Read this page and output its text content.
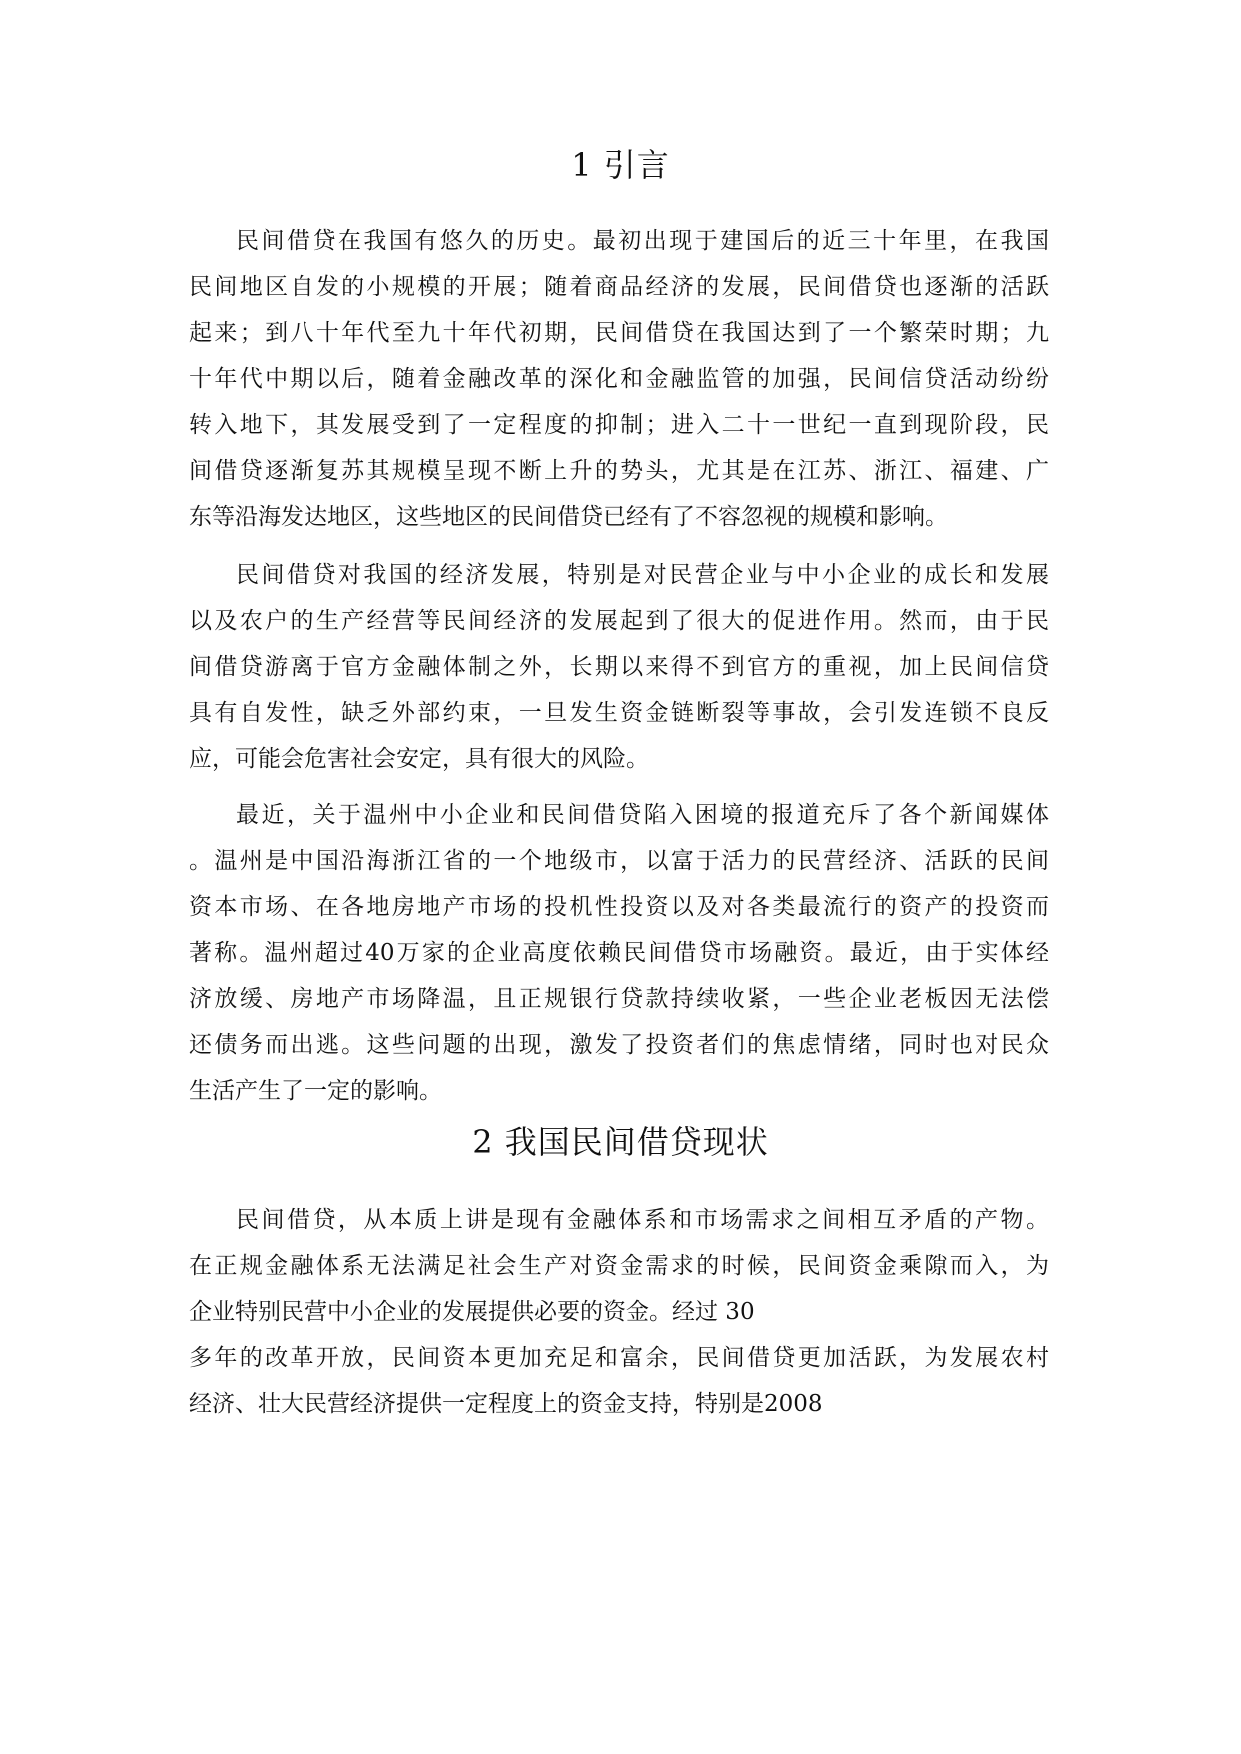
1 引言
民间借贷在我国有悠久的历史。最初出现于建国后的近三十年里，在我国
民间地区自发的小规模的开展；随着商品经济的发展，民间借贷也逐渐的活跃
起来；到八十年代至九十年代初期，民间借贷在我国达到了一个繁荣时期；九
十年代中期以后，随着金融改革的深化和金融监管的加强，民间信贷活动纷纷
转入地下，其发展受到了一定程度的抑制；进入二十一世纪一直到现阶段，民
间借贷逐渐复苏其规模呈现不断上升的势头，尤其是在江苏、浙江、福建、广
东等沿海发达地区，这些地区的民间借贷已经有了不容忽视的规模和影响。
民间借贷对我国的经济发展，特别是对民营企业与中小企业的成长和发展
以及农户的生产经营等民间经济的发展起到了很大的促进作用。然而，由于民
间借贷游离于官方金融体制之外，长期以来得不到官方的重视，加上民间信贷
具有自发性，缺乏外部约束，一旦发生资金链断裂等事故，会引发连锁不良反
应，可能会危害社会安定，具有很大的风险。
最近，关于温州中小企业和民间借贷陷入困境的报道充斥了各个新闻媒体
。温州是中国沿海浙江省的一个地级市，以富于活力的民营经济、活跃的民间
资本市场、在各地房地产市场的投机性投资以及对各类最流行的资产的投资而
著称。温州超过40万家的企业高度依赖民间借贷市场融资。最近，由于实体经
济放缓、房地产市场降温，且正规银行贷款持续收紧，一些企业老板因无法偿
还债务而出逃。这些问题的出现，激发了投资者们的焦虑情绪，同时也对民众
生活产生了一定的影响。
2 我国民间借贷现状
民间借贷，从本质上讲是现有金融体系和市场需求之间相互矛盾的产物。
在正规金融体系无法满足社会生产对资金需求的时候，民间资金乘隙而入，为
企业特别民营中小企业的发展提供必要的资金。经过 30
多年的改革开放，民间资本更加充足和富余，民间借贷更加活跃，为发展农村
经济、壮大民营经济提供一定程度上的资金支持，特别是2008
